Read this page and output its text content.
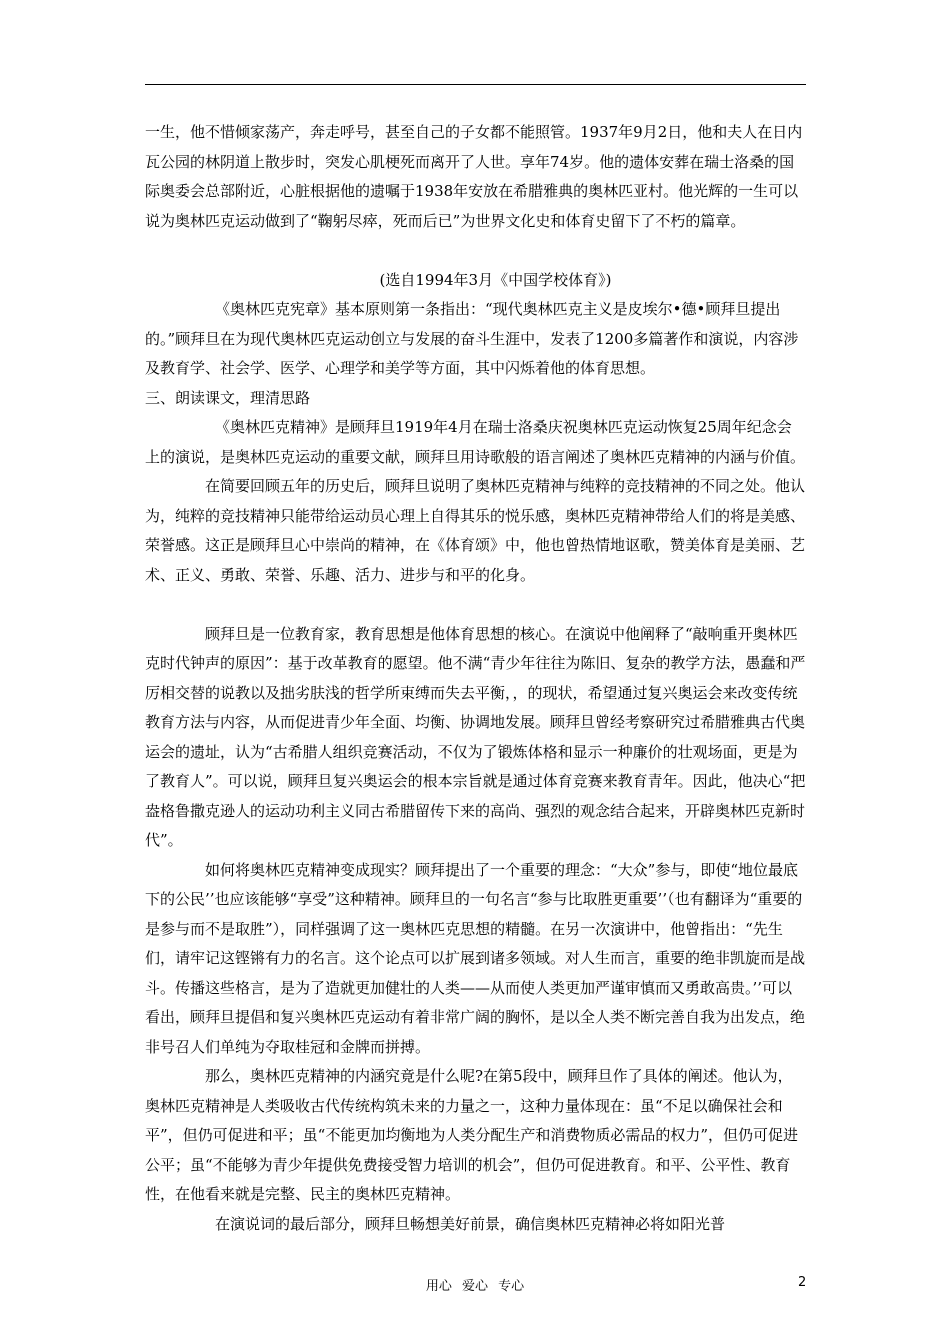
一生，他不惜倾家荡产，奔走呼号，甚至自己的子女都不能照管。1937年9月2日，他和夫人在日内瓦公园的林阴道上散步时，突发心肌梗死而离开了人世。享年74岁。他的遗体安葬在瑞士洛桑的国际奥委会总部附近，心脏根据他的遗嘱于1938年安放在希腊雅典的奥林匹亚村。他光辉的一生可以说为奥林匹克运动做到了“鞠躬尽瘁，死而后已”为世界文化史和体育史留下了不朽的篇章。

(选自1994年3月《中国学校体育》)

《奥林匹克宪章》基本原则第一条指出：“现代奥林匹克主义是皮埃尔•德•顾拜旦提出的。”顾拜旦在为现代奥林匹克运动创立与发展的奋斗生涯中，发表了1200多篇著作和演说，内容涉及教育学、社会学、医学、心理学和美学等方面，其中闪烁着他的体育思想。

三、朗读课文，理清思路

《奥林匹克精神》是顾拜旦1919年4月在瑞士洛桑庆祝奥林匹克运动恢复25周年纪念会上的演说，是奥林匹克运动的重要文献，顾拜旦用诗歌般的语言阐述了奥林匹克精神的内涵与价值。

在简要回顾五年的历史后，顾拜旦说明了奥林匹克精神与纯粹的竞技精神的不同之处。他认为，纯粹的竞技精神只能带给运动员心理上自得其乐的悦乐感，奥林匹克精神带给人们的将是美感、荣誉感。这正是顾拜旦心中崇尚的精神，在《体育颂》中，他也曾热情地讴歌，赞美体育是美丽、艺术、正义、勇敢、荣誉、乐趣、活力、进步与和平的化身。

顾拜旦是一位教育家，教育思想是他体育思想的核心。在演说中他阐释了“敲响重开奥林匹克时代钟声的原因”：基于改革教育的愿望。他不满“青少年往往为陈旧、复杂的教学方法，愚蠢和严厉相交替的说教以及拙劣肤浅的哲学所束缚而失去平衡，，的现状，希望通过复兴奥运会来改变传统教育方法与内容，从而促进青少年全面、均衡、协调地发展。顾拜旦曾经考察研究过希腊雅典古代奥运会的遗址，认为“古希腊人组织竞赛活动，不仅为了锻炼体格和显示一种廉价的壮观场面，更是为了教育人”。可以说，顾拜旦复兴奥运会的根本宗旨就是通过体育竞赛来教育青年。因此，他决心“把盎格鲁撒克逊人的运动功利主义同古希腊留传下来的高尚、强烈的观念结合起来，开辟奥林匹克新时代”。

如何将奥林匹克精神变成现实？顾拜提出了一个重要的理念：“大众”参与，即使“地位最底下的公民’’也应该能够“享受”这种精神。顾拜旦的一句名言“参与比取胜更重要’’（也有翻译为“重要的是参与而不是取胜”），同样强调了这一奥林匹克思想的精髓。在另一次演讲中，他曾指出：“先生们，请牢记这铿锵有力的名言。这个论点可以扩展到诸多领域。对人生而言，重要的绝非凯旋而是战斗。传播这些格言，是为了造就更加健壮的人类——从而使人类更加严谨审慎而又勇敢高贵。’’可以看出，顾拜旦提倡和复兴奥林匹克运动有着非常广阔的胸怀，是以全人类不断完善自我为出发点，绝非号召人们单纯为夺取桂冠和金牌而拼搏。

那么，奥林匹克精神的内涵究竟是什么呢?在第5段中，顾拜旦作了具体的阐述。他认为，奥林匹克精神是人类吸收古代传统构筑未来的力量之一，这种力量体现在：虽“不足以确保社会和平”，但仍可促进和平；虽“不能更加均衡地为人类分配生产和消费物质必需品的权力”，但仍可促进公平；虽“不能够为青少年提供免费接受智力培训的机会”，但仍可促进教育。和平、公平性、教育性，在他看来就是完整、民主的奥林匹克精神。

在演说词的最后部分，顾拜旦畅想美好前景，确信奥林匹克精神必将如阳光普

用心 爱心 专心	2
